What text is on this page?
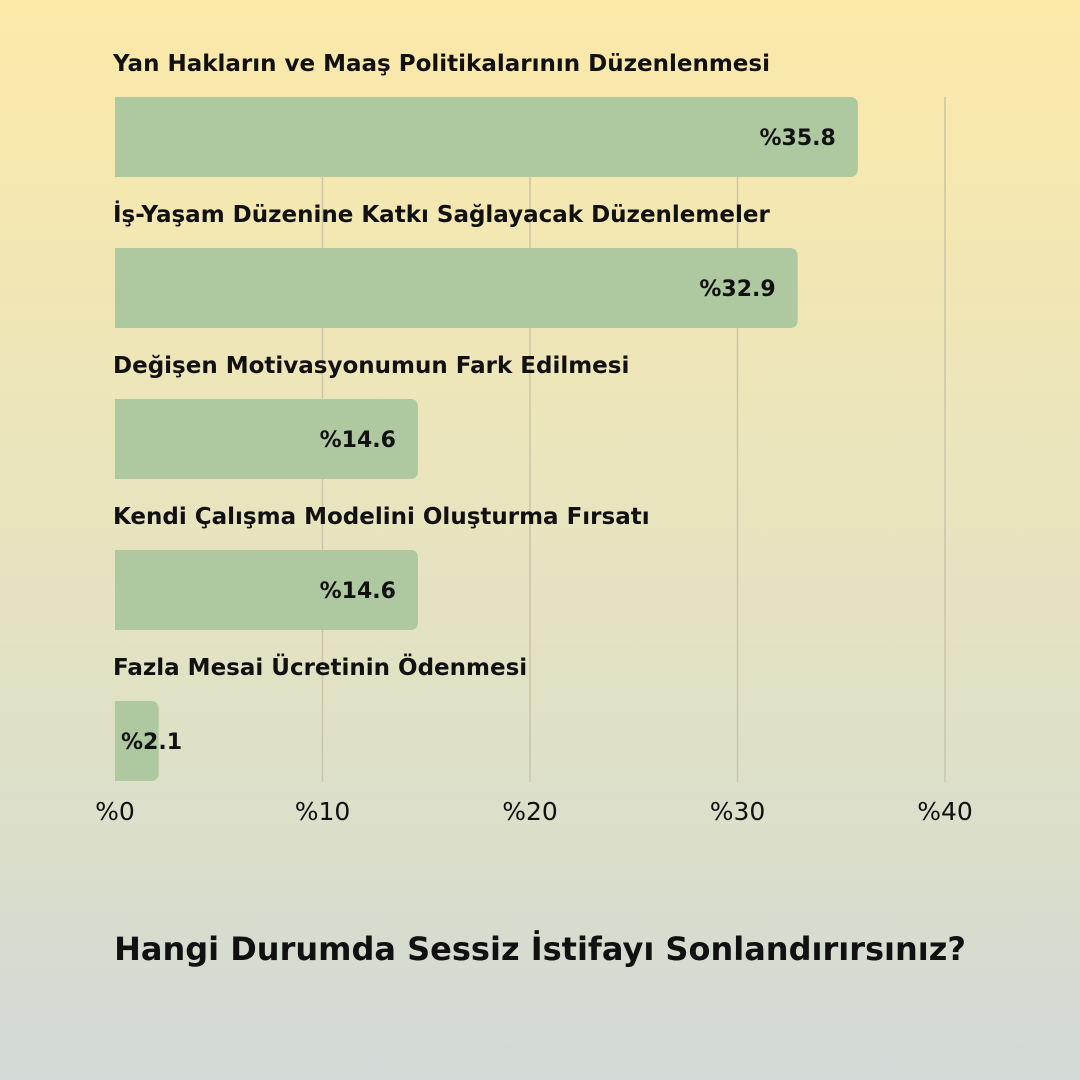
Yan Hakların ve Maaş Politikalarının Düzenlenmesi
%35.8
İş-Yaşam Düzenine Katkı Sağlayacak Düzenlemeler
%32.9
Değişen Motivasyonumun Fark Edilmesi
%14.6
Kendi Çalışma Modelini Oluşturma Fırsatı
%14.6
Fazla Mesai Ücretinin Ödenmesi
%2.1
%0	%10	%20	%30	%40
Hangi Durumda Sessiz İstifayı Sonlandırırsınız?
